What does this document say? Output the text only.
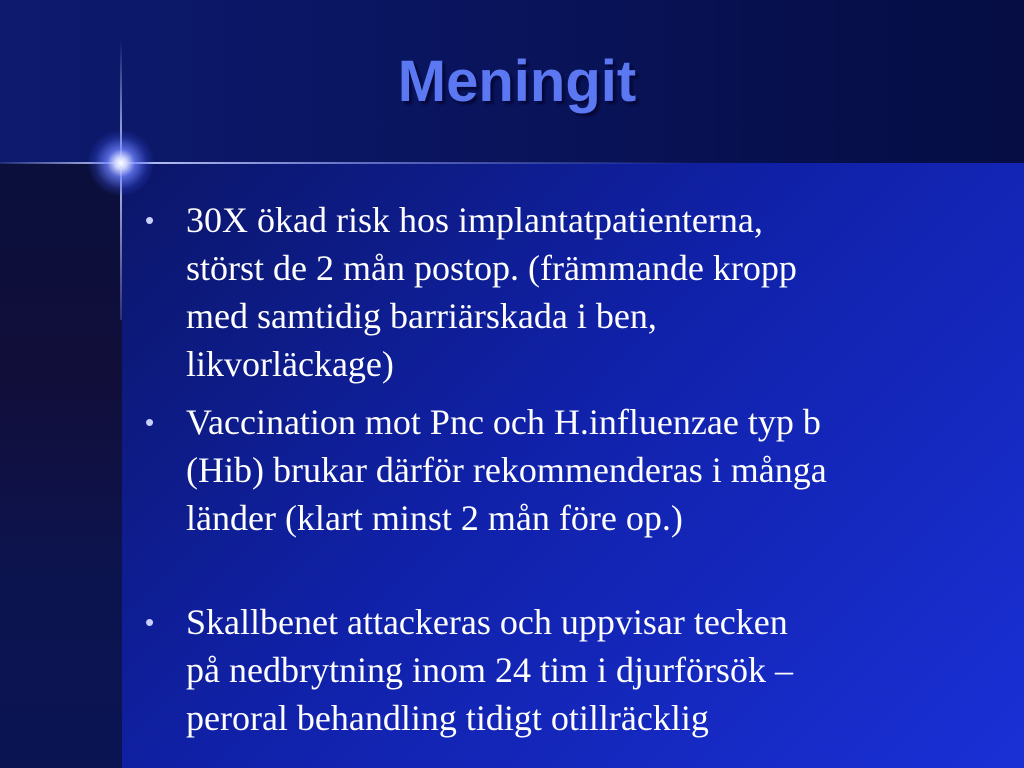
Meningit
• 30X ökad risk hos implantatpatienterna,
störst de 2 mån postop. (främmande kropp
med samtidig barriärskada i ben,
likvorläckage)
• Vaccination mot Pnc och H.influenzae typ b
(Hib) brukar därför rekommenderas i många
länder (klart minst 2 mån före op.)
• Skallbenet attackeras och uppvisar tecken
på nedbrytning inom 24 tim i djurförsök –
peroral behandling tidigt otillräcklig
